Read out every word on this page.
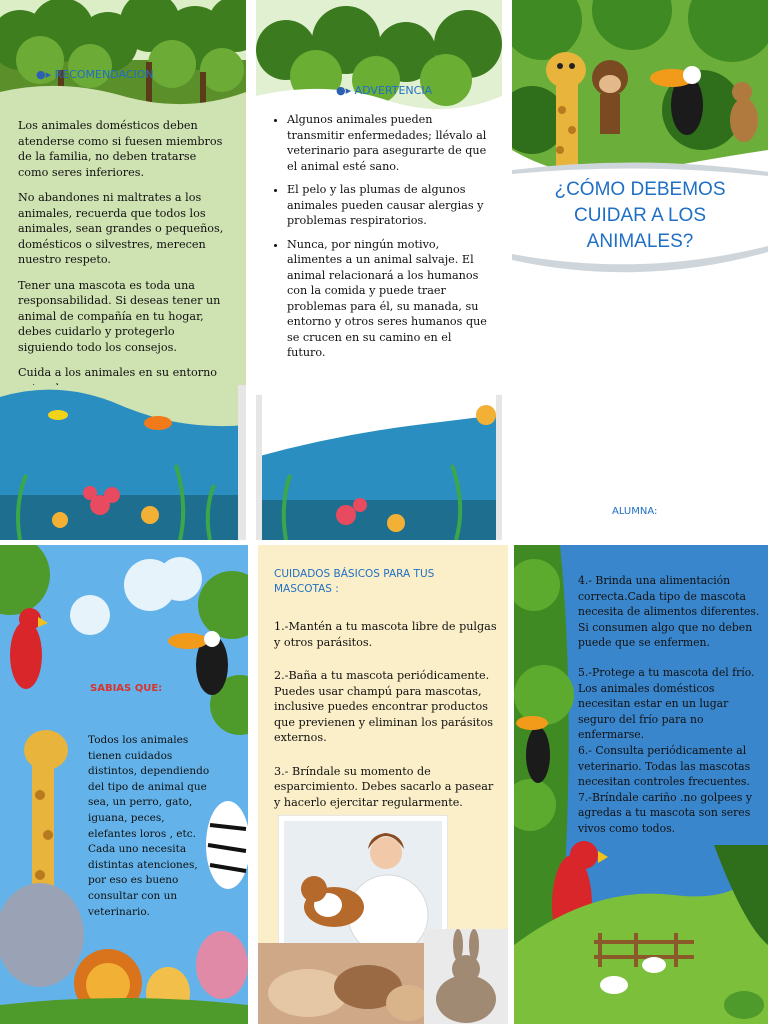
●▸ RECOMENDACION

Los animales domésticos deben atenderse como si fuesen miembros de la familia, no deben tratarse como seres inferiores.

No abandones ni maltrates a los animales, recuerda que todos los animales, sean grandes o pequeños, domésticos o silvestres, merecen nuestro respeto.

Tener una mascota es toda una responsabilidad. Si deseas tener un animal de compañía en tu hogar, debes cuidarlo y protegerlo siguiendo todo los consejos.

Cuida a los animales en su entorno

●▸ ADVERTENCIA
• Algunos animales pueden transmitir enfermedades; llévalo al veterinario para asegurarte de que el animal esté sano.
• El pelo y las plumas de algunos animales pueden causar alergias y problemas respiratorios.
• Nunca, por ningún motivo, alimentes a un animal salvaje. El animal relacionará a los humanos con la comida y puede traer problemas para él, su manada, su entorno y otros seres humanos que se crucen en su camino en el futuro.
¿CÓMO DEBEMOS CUIDAR A LOS ANIMALES?
ALUMNA:
SABIAS QUE:
Todos los animales tienen cuidados distintos, dependiendo del tipo de animal que sea, un perro, gato, iguana, peces, elefantes loros , etc. Cada uno necesita distintas atenciones, por eso es bueno consultar con un veterinario.
CUIDADOS BÁSICOS PARA TUS MASCOTAS :

1.-Mantén a tu mascota libre de pulgas y otros parásitos.

2.-Baña a tu mascota periódicamente. Puedes usar champú para mascotas, inclusive puedes encontrar productos que previenen y eliminan los parásitos externos.

3.- Bríndale su momento de esparcimiento. Debes sacarlo a pasear y hacerlo ejercitar regularmente.

4.- Brinda una alimentación correcta.Cada tipo de mascota necesita de alimentos diferentes. Si consumen algo que no deben puede que se enfermen.

5.-Protege a tu mascota del frío. Los animales domésticos necesitan estar en un lugar seguro del frío para no enfermarse.

6.- Consulta periódicamente al veterinario. Todas las mascotas necesitan controles frecuentes.

7.-Bríndale cariño .no golpees y agredas a tu mascota son seres vivos como todos.
